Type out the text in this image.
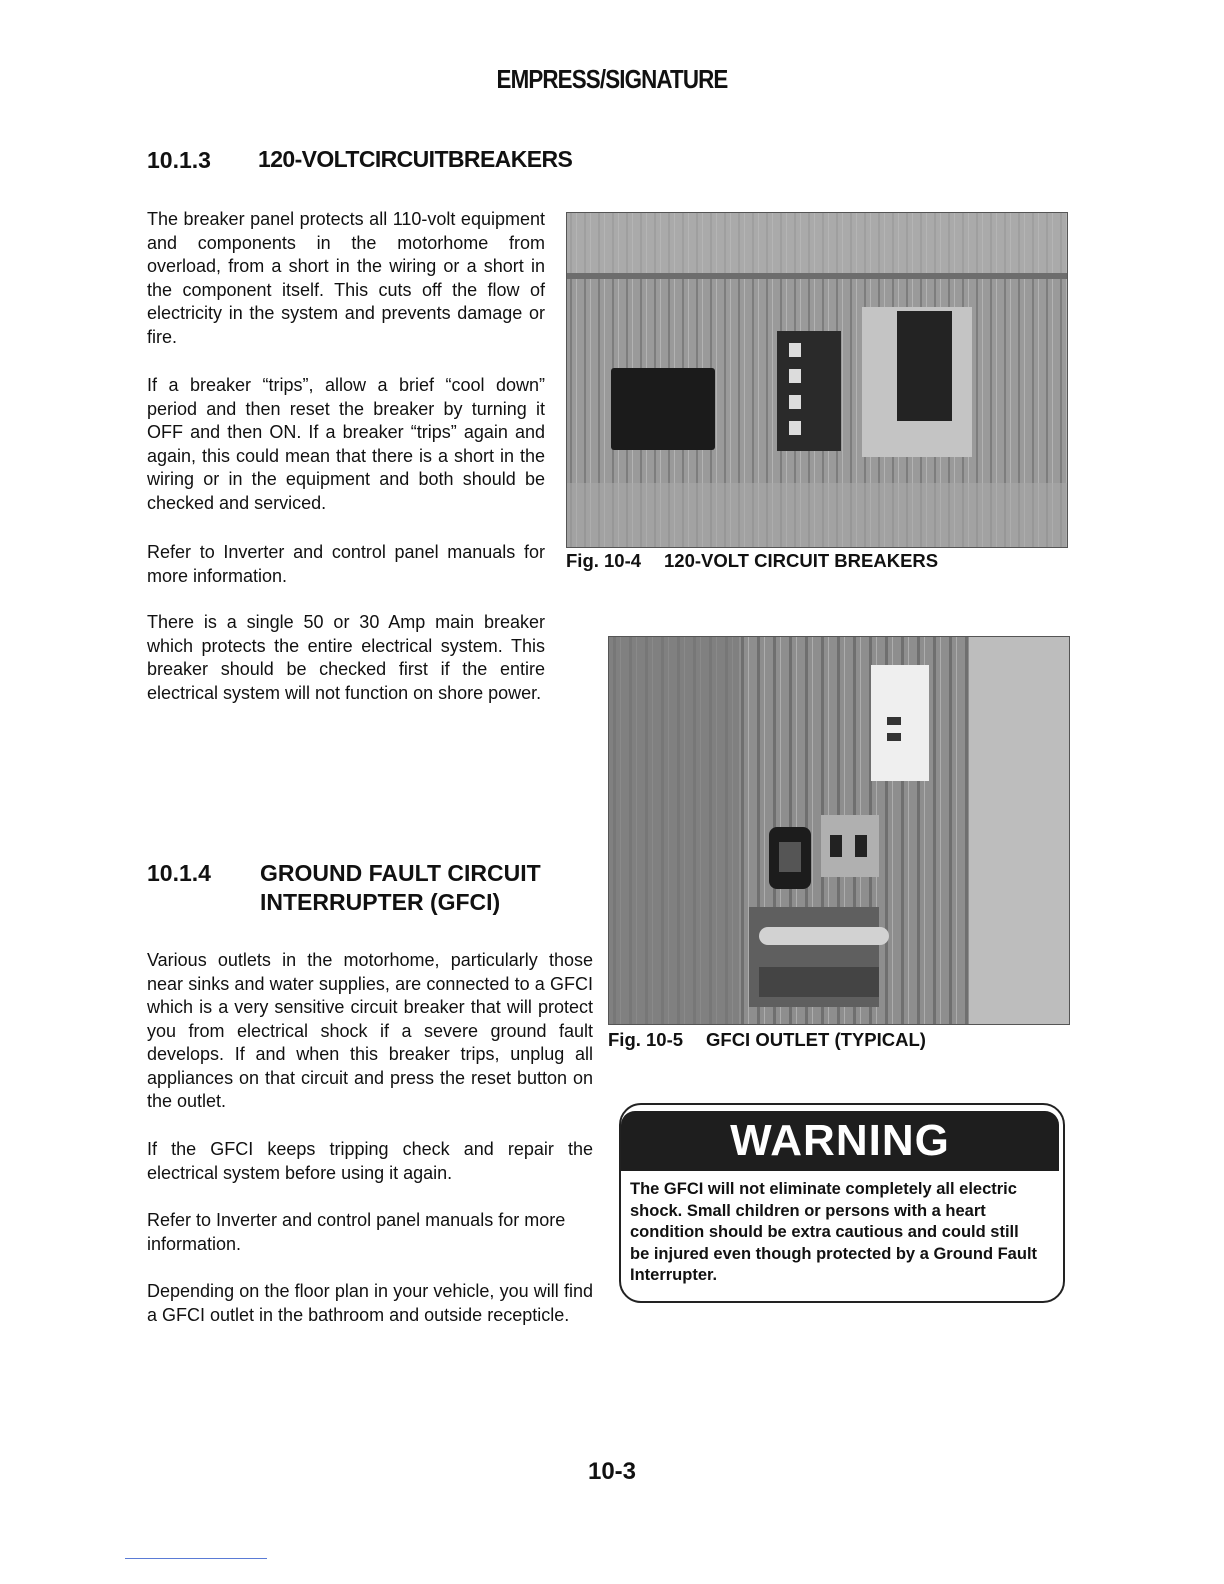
EMPRESS/SIGNATURE
10.1.3 120-VOLTCIRCUITBREAKERS

The breaker panel protects all 110-volt equipment and components in the motorhome from overload, from a short in the wiring or a short in the component itself. This cuts off the flow of electricity in the system and prevents damage or fire.

If a breaker “trips”, allow a brief “cool down” period and then reset the breaker by turning it OFF and then ON. If a breaker “trips” again and again, this could mean that there is a short in the wiring or in the equipment and both should be checked and serviced.

Refer to Inverter and control panel manuals for more information.

There is a single 50 or 30 Amp main breaker which protects the entire electrical system. This breaker should be checked first if the entire electrical system will not function on shore power.

Fig. 10-4 120-VOLT CIRCUIT BREAKERS
Fig. 10-5 GFCI OUTLET (TYPICAL)
10.1.4 GROUND FAULT CIRCUIT
INTERRUPTER (GFCI)

Various outlets in the motorhome, particularly those near sinks and water supplies, are connected to a GFCI which is a very sensitive circuit breaker that will protect you from electrical shock if a severe ground fault develops. If and when this breaker trips, unplug all appliances on that circuit and press the reset button on the outlet.

If the GFCI keeps tripping check and repair the electrical system before using it again.

Refer to Inverter and control panel manuals for more information.

Depending on the floor plan in your vehicle, you will find a GFCI outlet in the bathroom and outside recepticle.

WARNING
The GFCI will not eliminate completely all electric
shock. Small children or persons with a heart
condition should be extra cautious and could still
be injured even though protected by a Ground Fault
Interrupter.
10-3
